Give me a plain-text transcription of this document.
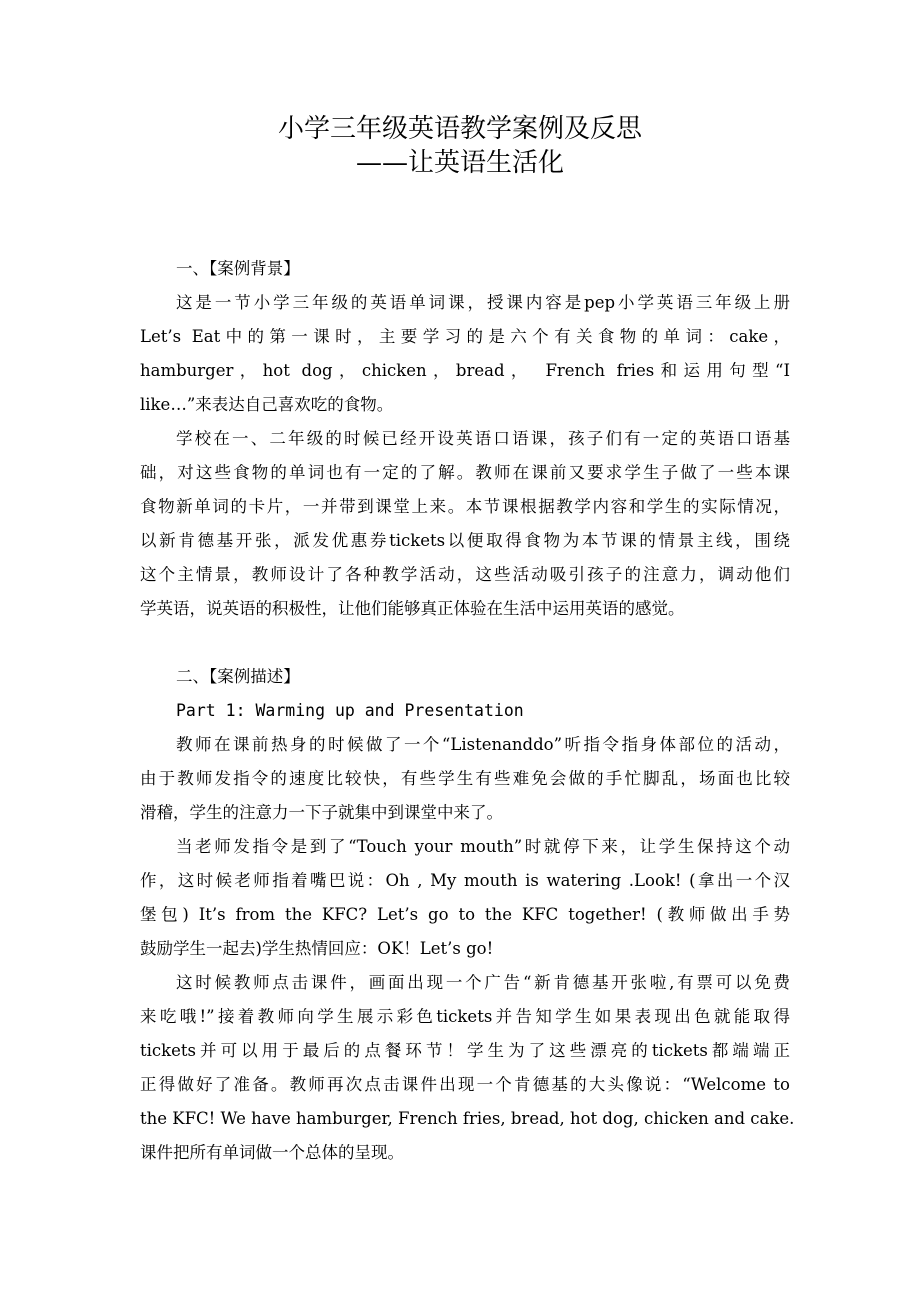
小学三年级英语教学案例及反思
——让英语生活化
一、【案例背景】
这是一节小学三年级的英语单词课，授课内容是pep小学英语三年级上册
Let’s Eat中的第一课时，主要学习的是六个有关食物的单词：cake，
hamburger，hot dog，chicken，bread， French fries和运用句型“I
like…”来表达自己喜欢吃的食物。
学校在一、二年级的时候已经开设英语口语课，孩子们有一定的英语口语基
础，对这些食物的单词也有一定的了解。教师在课前又要求学生子做了一些本课
食物新单词的卡片，一并带到课堂上来。本节课根据教学内容和学生的实际情况，
以新肯德基开张，派发优惠券tickets以便取得食物为本节课的情景主线，围绕
这个主情景，教师设计了各种教学活动，这些活动吸引孩子的注意力，调动他们
学英语，说英语的积极性，让他们能够真正体验在生活中运用英语的感觉。
二、【案例描述】
Part 1: Warming up and Presentation
教师在课前热身的时候做了一个“Listenanddo”听指令指身体部位的活动，
由于教师发指令的速度比较快，有些学生有些难免会做的手忙脚乱，场面也比较
滑稽，学生的注意力一下子就集中到课堂中来了。
当老师发指令是到了“Touch your mouth”时就停下来，让学生保持这个动
作，这时候老师指着嘴巴说：Oh , My mouth is watering .Look! (拿出一个汉
堡包) It’s from the KFC? Let’s go to the KFC together! (教师做出手势
鼓励学生一起去)学生热情回应：OK！Let’s go!
这时候教师点击课件，画面出现一个广告“新肯德基开张啦,有票可以免费
来吃哦!”接着教师向学生展示彩色tickets并告知学生如果表现出色就能取得
tickets并可以用于最后的点餐环节！学生为了这些漂亮的tickets都端端正
正得做好了准备。教师再次点击课件出现一个肯德基的大头像说：“Welcome to
the KFC! We have hamburger, French fries, bread, hot dog, chicken and cake.
课件把所有单词做一个总体的呈现。
